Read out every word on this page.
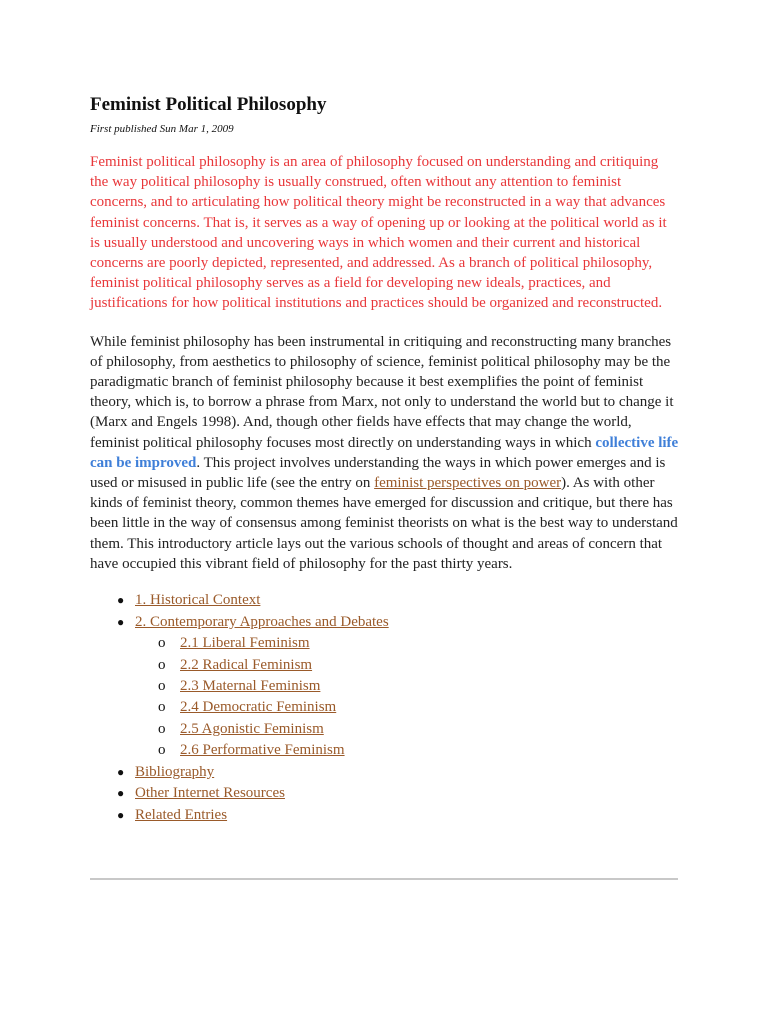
Feminist Political Philosophy
First published Sun Mar 1, 2009

Feminist political philosophy is an area of philosophy focused on understanding and critiquing the way political philosophy is usually construed, often without any attention to feminist concerns, and to articulating how political theory might be reconstructed in a way that advances feminist concerns. That is, it serves as a way of opening up or looking at the political world as it is usually understood and uncovering ways in which women and their current and historical concerns are poorly depicted, represented, and addressed. As a branch of political philosophy, feminist political philosophy serves as a field for developing new ideals, practices, and justifications for how political institutions and practices should be organized and reconstructed.

While feminist philosophy has been instrumental in critiquing and reconstructing many branches of philosophy, from aesthetics to philosophy of science, feminist political philosophy may be the paradigmatic branch of feminist philosophy because it best exemplifies the point of feminist theory, which is, to borrow a phrase from Marx, not only to understand the world but to change it (Marx and Engels 1998). And, though other fields have effects that may change the world, feminist political philosophy focuses most directly on understanding ways in which collective life can be improved. This project involves understanding the ways in which power emerges and is used or misused in public life (see the entry on feminist perspectives on power). As with other kinds of feminist theory, common themes have emerged for discussion and critique, but there has been little in the way of consensus among feminist theorists on what is the best way to understand them. This introductory article lays out the various schools of thought and areas of concern that have occupied this vibrant field of philosophy for the past thirty years.

● 1. Historical Context
● 2. Contemporary Approaches and Debates
o 2.1 Liberal Feminism
o 2.2 Radical Feminism
o 2.3 Maternal Feminism
o 2.4 Democratic Feminism
o 2.5 Agonistic Feminism
o 2.6 Performative Feminism
● Bibliography
● Other Internet Resources
● Related Entries
